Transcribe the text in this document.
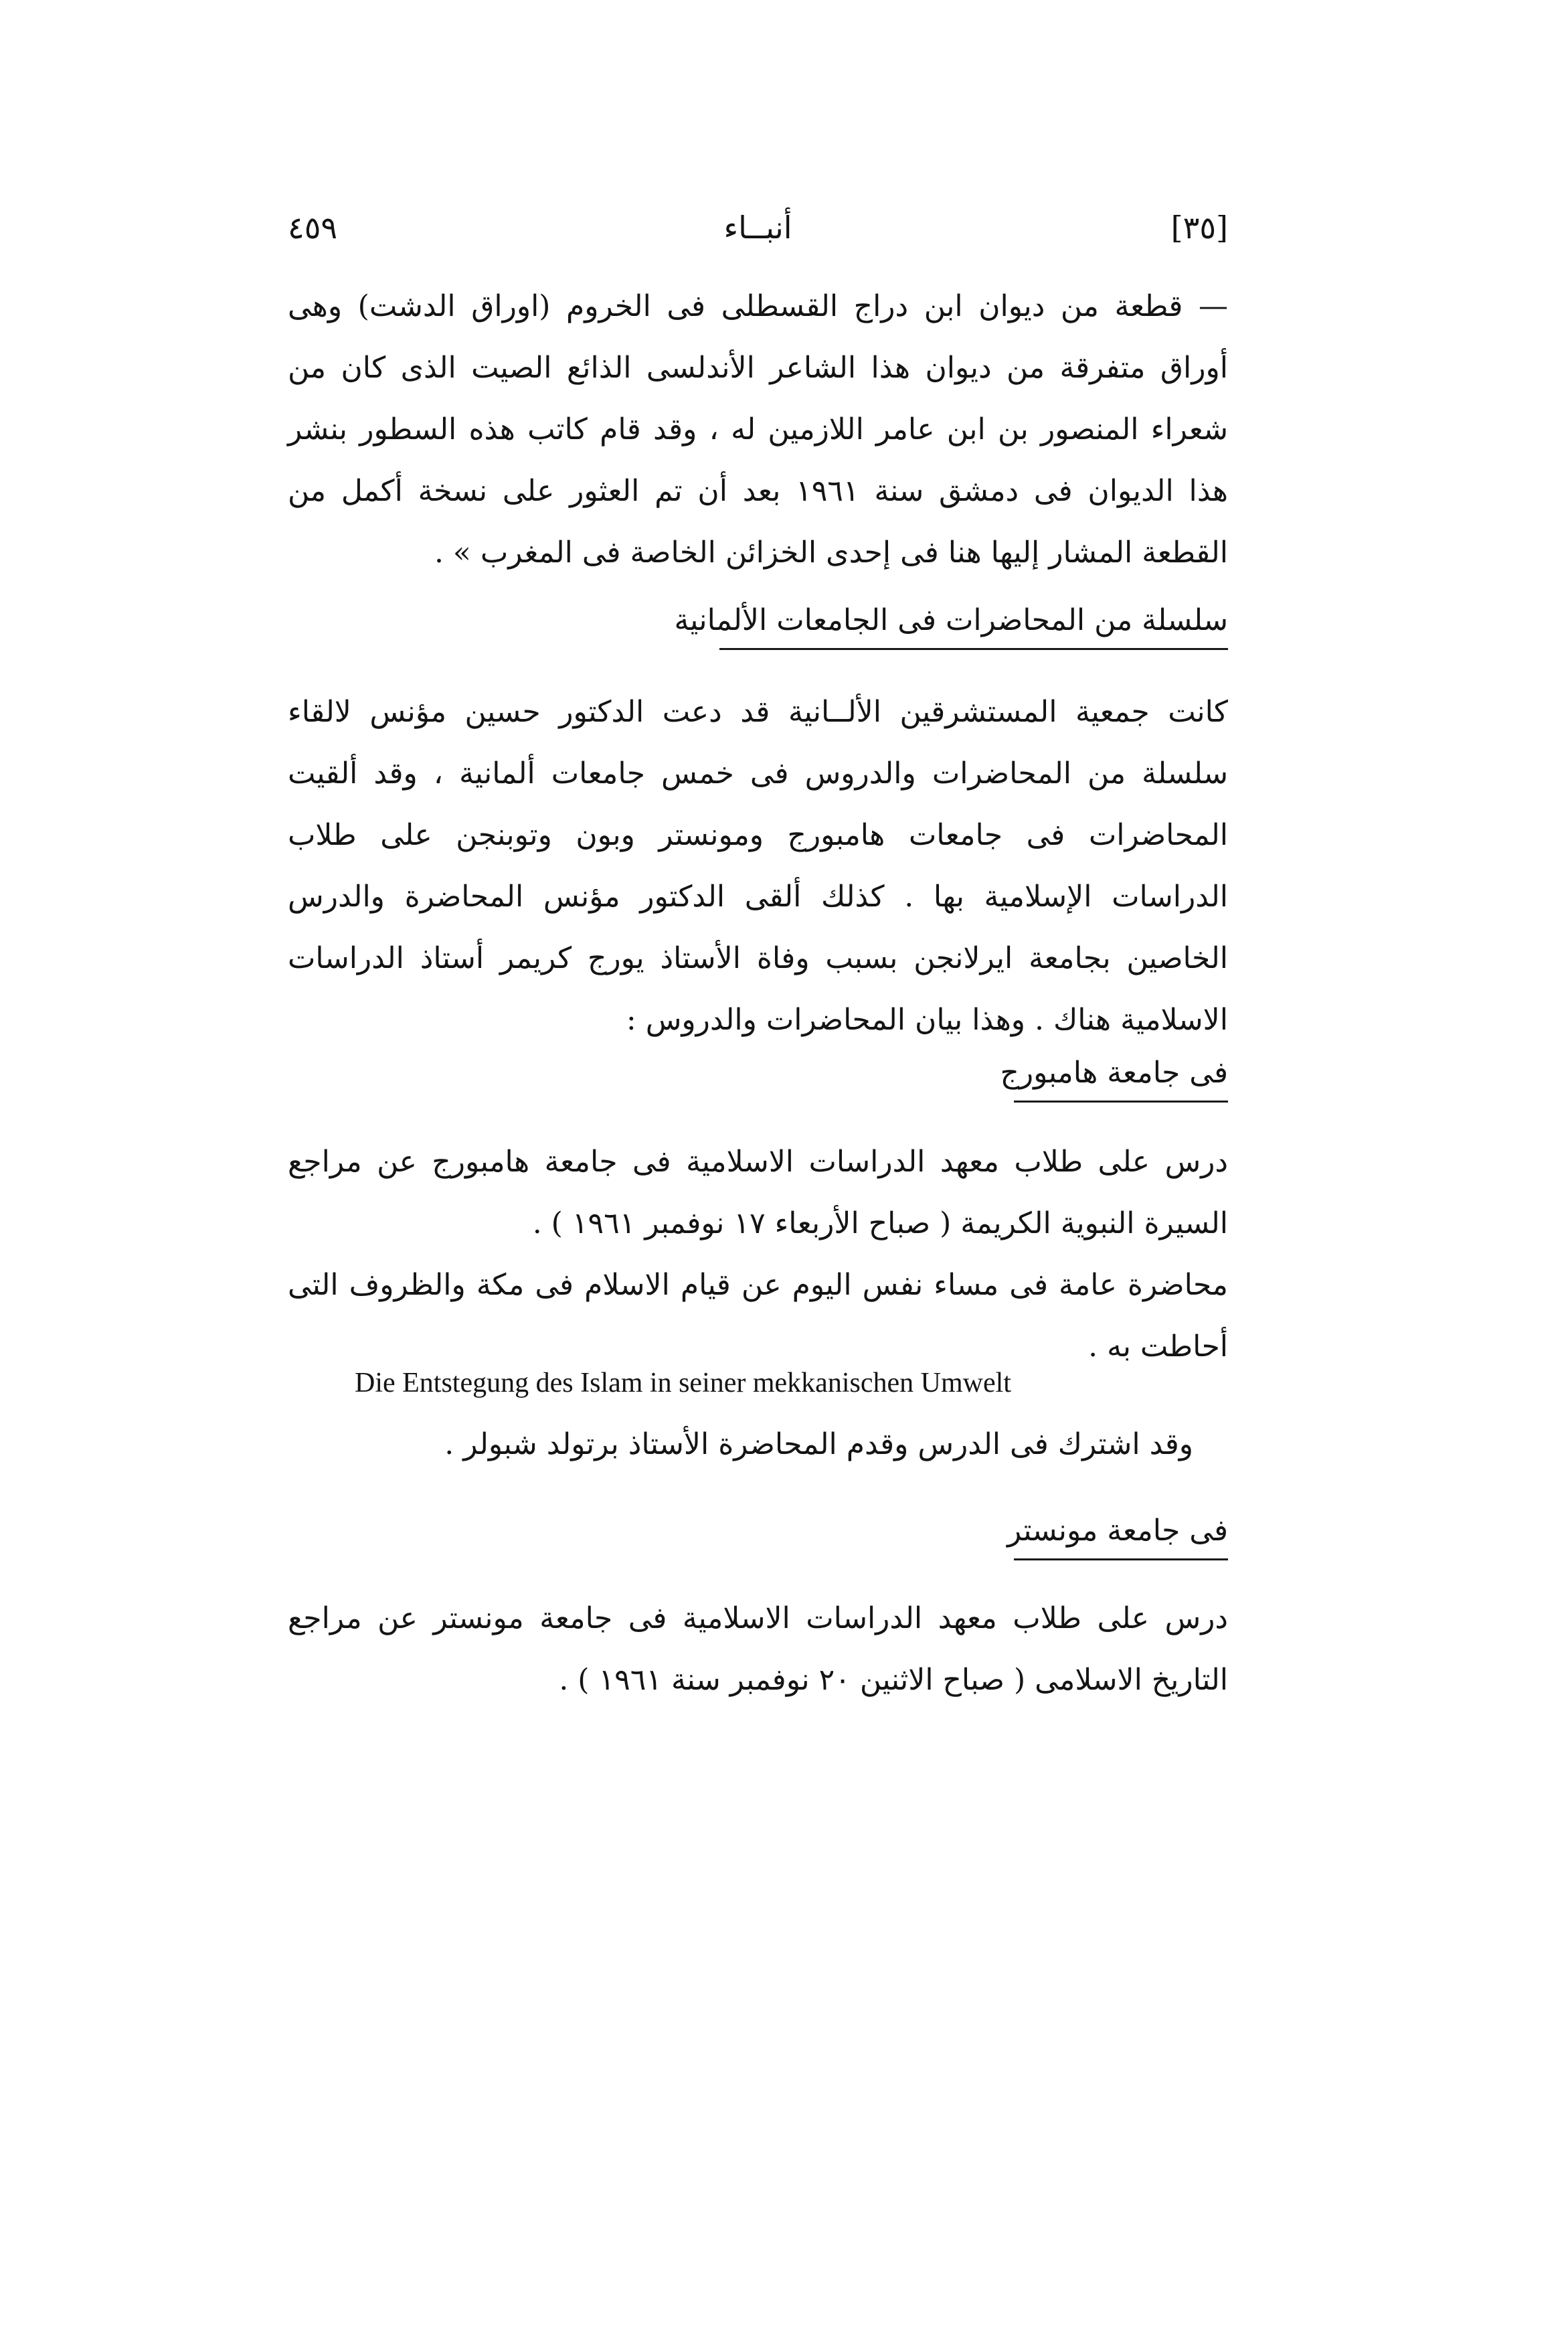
٤٥٩	أنبــاء	[٣٥]

— قطعة من ديوان ابن دراج القسطلى فى الخروم (اوراق الدشت) وهى أوراق متفرقة من ديوان هذا الشاعر الأندلسى الذائع الصيت الذى كان من شعراء المنصور بن ابن عامر اللازمين له ، وقد قام كاتب هذه السطور بنشر هذا الديوان فى دمشق سنة ١٩٦١ بعد أن تم العثور على نسخة أكمل من القطعة المشار إليها هنا فى إحدى الخزائن الخاصة فى المغرب » .

سلسلة من المحاضرات فى الجامعات الألمانية

كانت جمعية المستشرقين الألــانية قد دعت الدكتور حسين مؤنس لالقاء سلسلة من المحاضرات والدروس فى خمس جامعات ألمانية ، وقد ألقيت المحاضرات فى جامعات هامبورج ومونستر وبون وتوبنجن على طلاب الدراسات الإسلامية بها . كذلك ألقى الدكتور مؤنس المحاضرة والدرس الخاصين بجامعة ايرلانجن بسبب وفاة الأستاذ يورج كريمر أستاذ الدراسات الاسلامية هناك . وهذا بيان المحاضرات والدروس :

فى جامعة هامبورج

درس على طلاب معهد الدراسات الاسلامية فى جامعة هامبورج عن مراجع السيرة النبوية الكريمة ( صباح الأربعاء ١٧ نوفمبر ١٩٦١ ) .

محاضرة عامة فى مساء نفس اليوم عن قيام الاسلام فى مكة والظروف التى أحاطت به .

Die Entstegung des Islam in seiner mekkanischen Umwelt
وقد اشترك فى الدرس وقدم المحاضرة الأستاذ برتولد شبولر .
فى جامعة مونستر

درس على طلاب معهد الدراسات الاسلامية فى جامعة مونستر عن مراجع التاريخ الاسلامى ( صباح الاثنين ٢٠ نوفمبر سنة ١٩٦١ ) .
